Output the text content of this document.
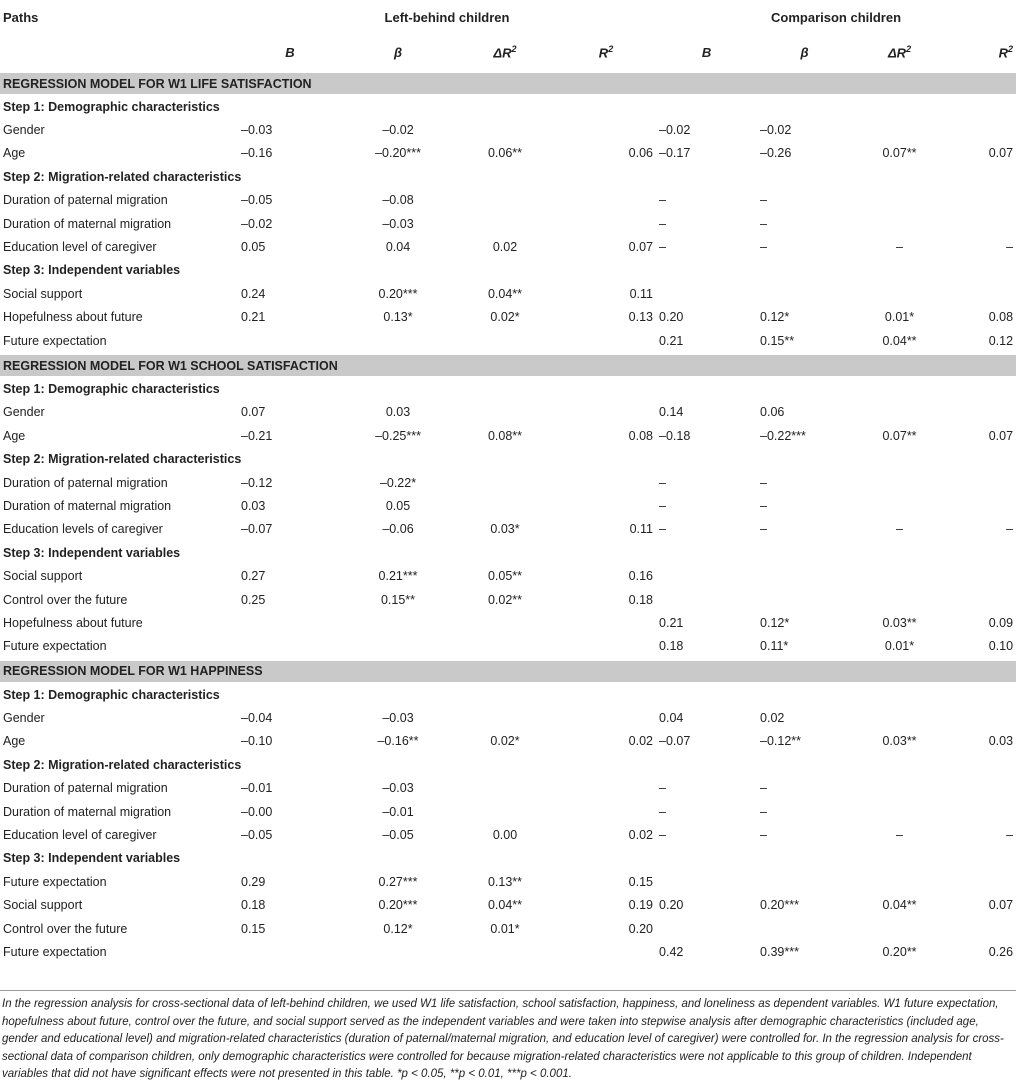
Paths	Left-behind children				Comparison children			
	B	β	$\Delta R^2$	$R^2$	B	β	$\Delta R^2$	$R^2$
REGRESSION MODEL FOR W1 LIFE SATISFACTION								
Step 1: Demographic characteristics								
Gender	–0.03	–0.02			–0.02	–0.02		
Age	–0.16	–0.20***	0.06**	0.06	–0.17	–0.26	0.07**	0.07
Step 2: Migration-related characteristics								
Duration of paternal migration	–0.05	–0.08			–	–		
Duration of maternal migration	–0.02	–0.03			–	–		
Education level of caregiver	0.05	0.04	0.02	0.07	–	–	–	–
Step 3: Independent variables								
Social support	0.24	0.20***	0.04**	0.11				
Hopefulness about future	0.21	0.13*	0.02*	0.13	0.20	0.12*	0.01*	0.08
Future expectation					0.21	0.15**	0.04**	0.12
REGRESSION MODEL FOR W1 SCHOOL SATISFACTION								
Step 1: Demographic characteristics								
Gender	0.07	0.03			0.14	0.06		
Age	–0.21	–0.25***	0.08**	0.08	–0.18	–0.22***	0.07**	0.07
Step 2: Migration-related characteristics								
Duration of paternal migration	–0.12	–0.22*			–	–		
Duration of maternal migration	0.03	0.05			–	–		
Education levels of caregiver	–0.07	–0.06	0.03*	0.11	–	–	–	–
Step 3: Independent variables								
Social support	0.27	0.21***	0.05**	0.16				
Control over the future	0.25	0.15**	0.02**	0.18				
Hopefulness about future					0.21	0.12*	0.03**	0.09
Future expectation					0.18	0.11*	0.01*	0.10
REGRESSION MODEL FOR W1 HAPPINESS								
Step 1: Demographic characteristics								
Gender	–0.04	–0.03			0.04	0.02		
Age	–0.10	–0.16**	0.02*	0.02	–0.07	–0.12**	0.03**	0.03
Step 2: Migration-related characteristics								
Duration of paternal migration	–0.01	–0.03			–	–		
Duration of maternal migration	–0.00	–0.01			–	–		
Education level of caregiver	–0.05	–0.05	0.00	0.02	–	–	–	–
Step 3: Independent variables								
Future expectation	0.29	0.27***	0.13**	0.15				
Social support	0.18	0.20***	0.04**	0.19	0.20	0.20***	0.04**	0.07
Control over the future	0.15	0.12*	0.01*	0.20				
Future expectation					0.42	0.39***	0.20**	0.26
In the regression analysis for cross-sectional data of left-behind children, we used W1 life satisfaction, school satisfaction, happiness, and loneliness as dependent variables. W1 future expectation, hopefulness about future, control over the future, and social support served as the independent variables and were taken into stepwise analysis after demographic characteristics (included age, gender and educational level) and migration-related characteristics (duration of paternal/maternal migration, and education level of caregiver) were controlled for. In the regression analysis for cross-sectional data of comparison children, only demographic characteristics were controlled for because migration-related characteristics were not applicable to this group of children. Independent variables that did not have significant effects were not presented in this table. *p < 0.05, **p < 0.01, ***p < 0.001.
